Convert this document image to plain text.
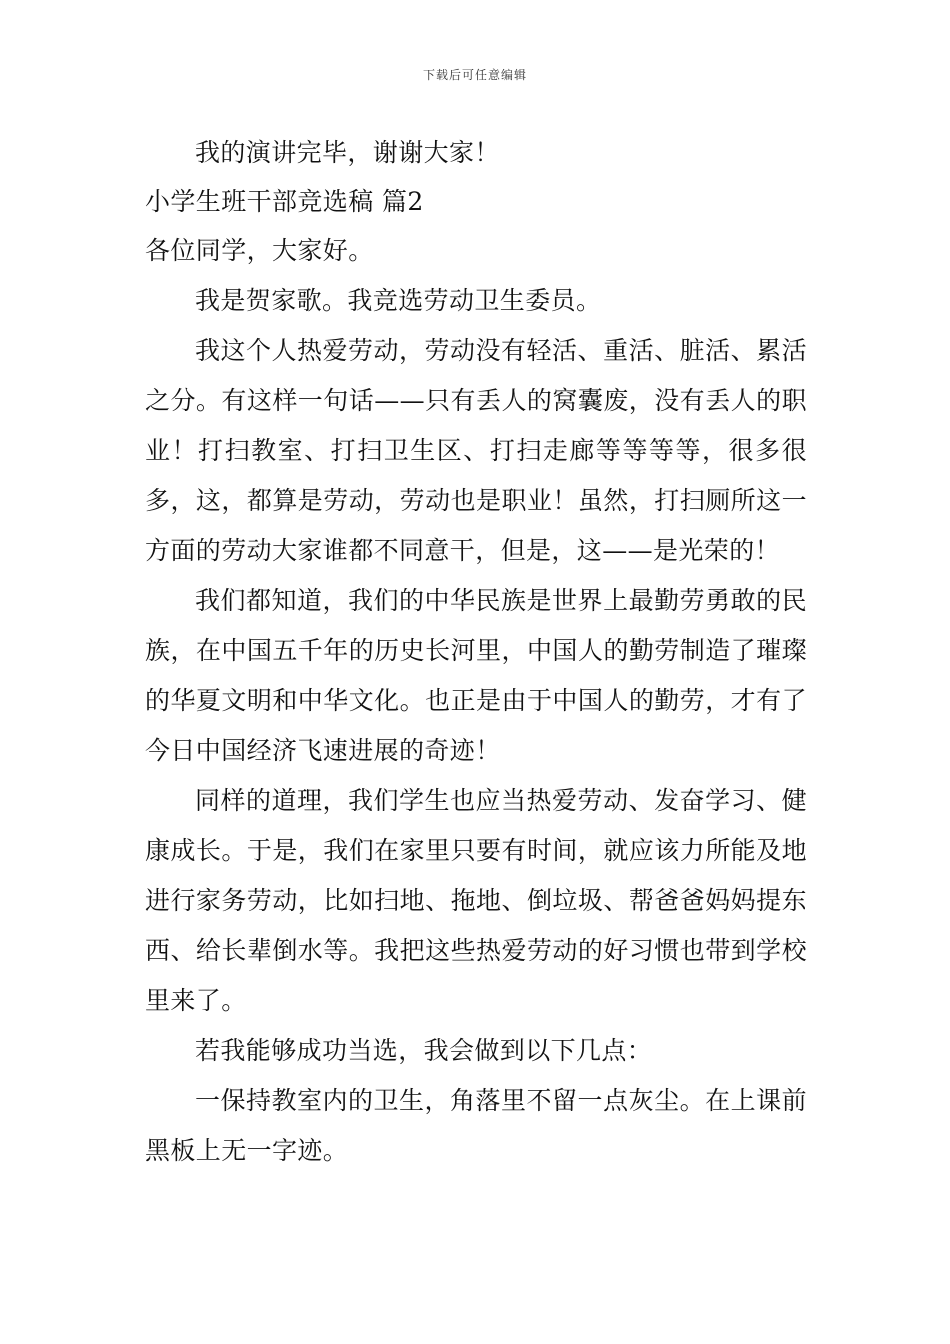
下载后可任意编辑

我的演讲完毕，谢谢大家！

小学生班干部竞选稿 篇2

各位同学，大家好。

我是贺家歌。我竞选劳动卫生委员。

我这个人热爱劳动，劳动没有轻活、重活、脏活、累活之分。有这样一句话——只有丢人的窝囊废，没有丢人的职业！打扫教室、打扫卫生区、打扫走廊等等等等，很多很多，这，都算是劳动，劳动也是职业！虽然，打扫厕所这一方面的劳动大家谁都不同意干，但是，这——是光荣的！

我们都知道，我们的中华民族是世界上最勤劳勇敢的民族，在中国五千年的历史长河里，中国人的勤劳制造了璀璨的华夏文明和中华文化。也正是由于中国人的勤劳，才有了今日中国经济飞速进展的奇迹！

同样的道理，我们学生也应当热爱劳动、发奋学习、健康成长。于是，我们在家里只要有时间，就应该力所能及地进行家务劳动，比如扫地、拖地、倒垃圾、帮爸爸妈妈提东西、给长辈倒水等。我把这些热爱劳动的好习惯也带到学校里来了。

若我能够成功当选，我会做到以下几点：

一保持教室内的卫生，角落里不留一点灰尘。在上课前黑板上无一字迹。
